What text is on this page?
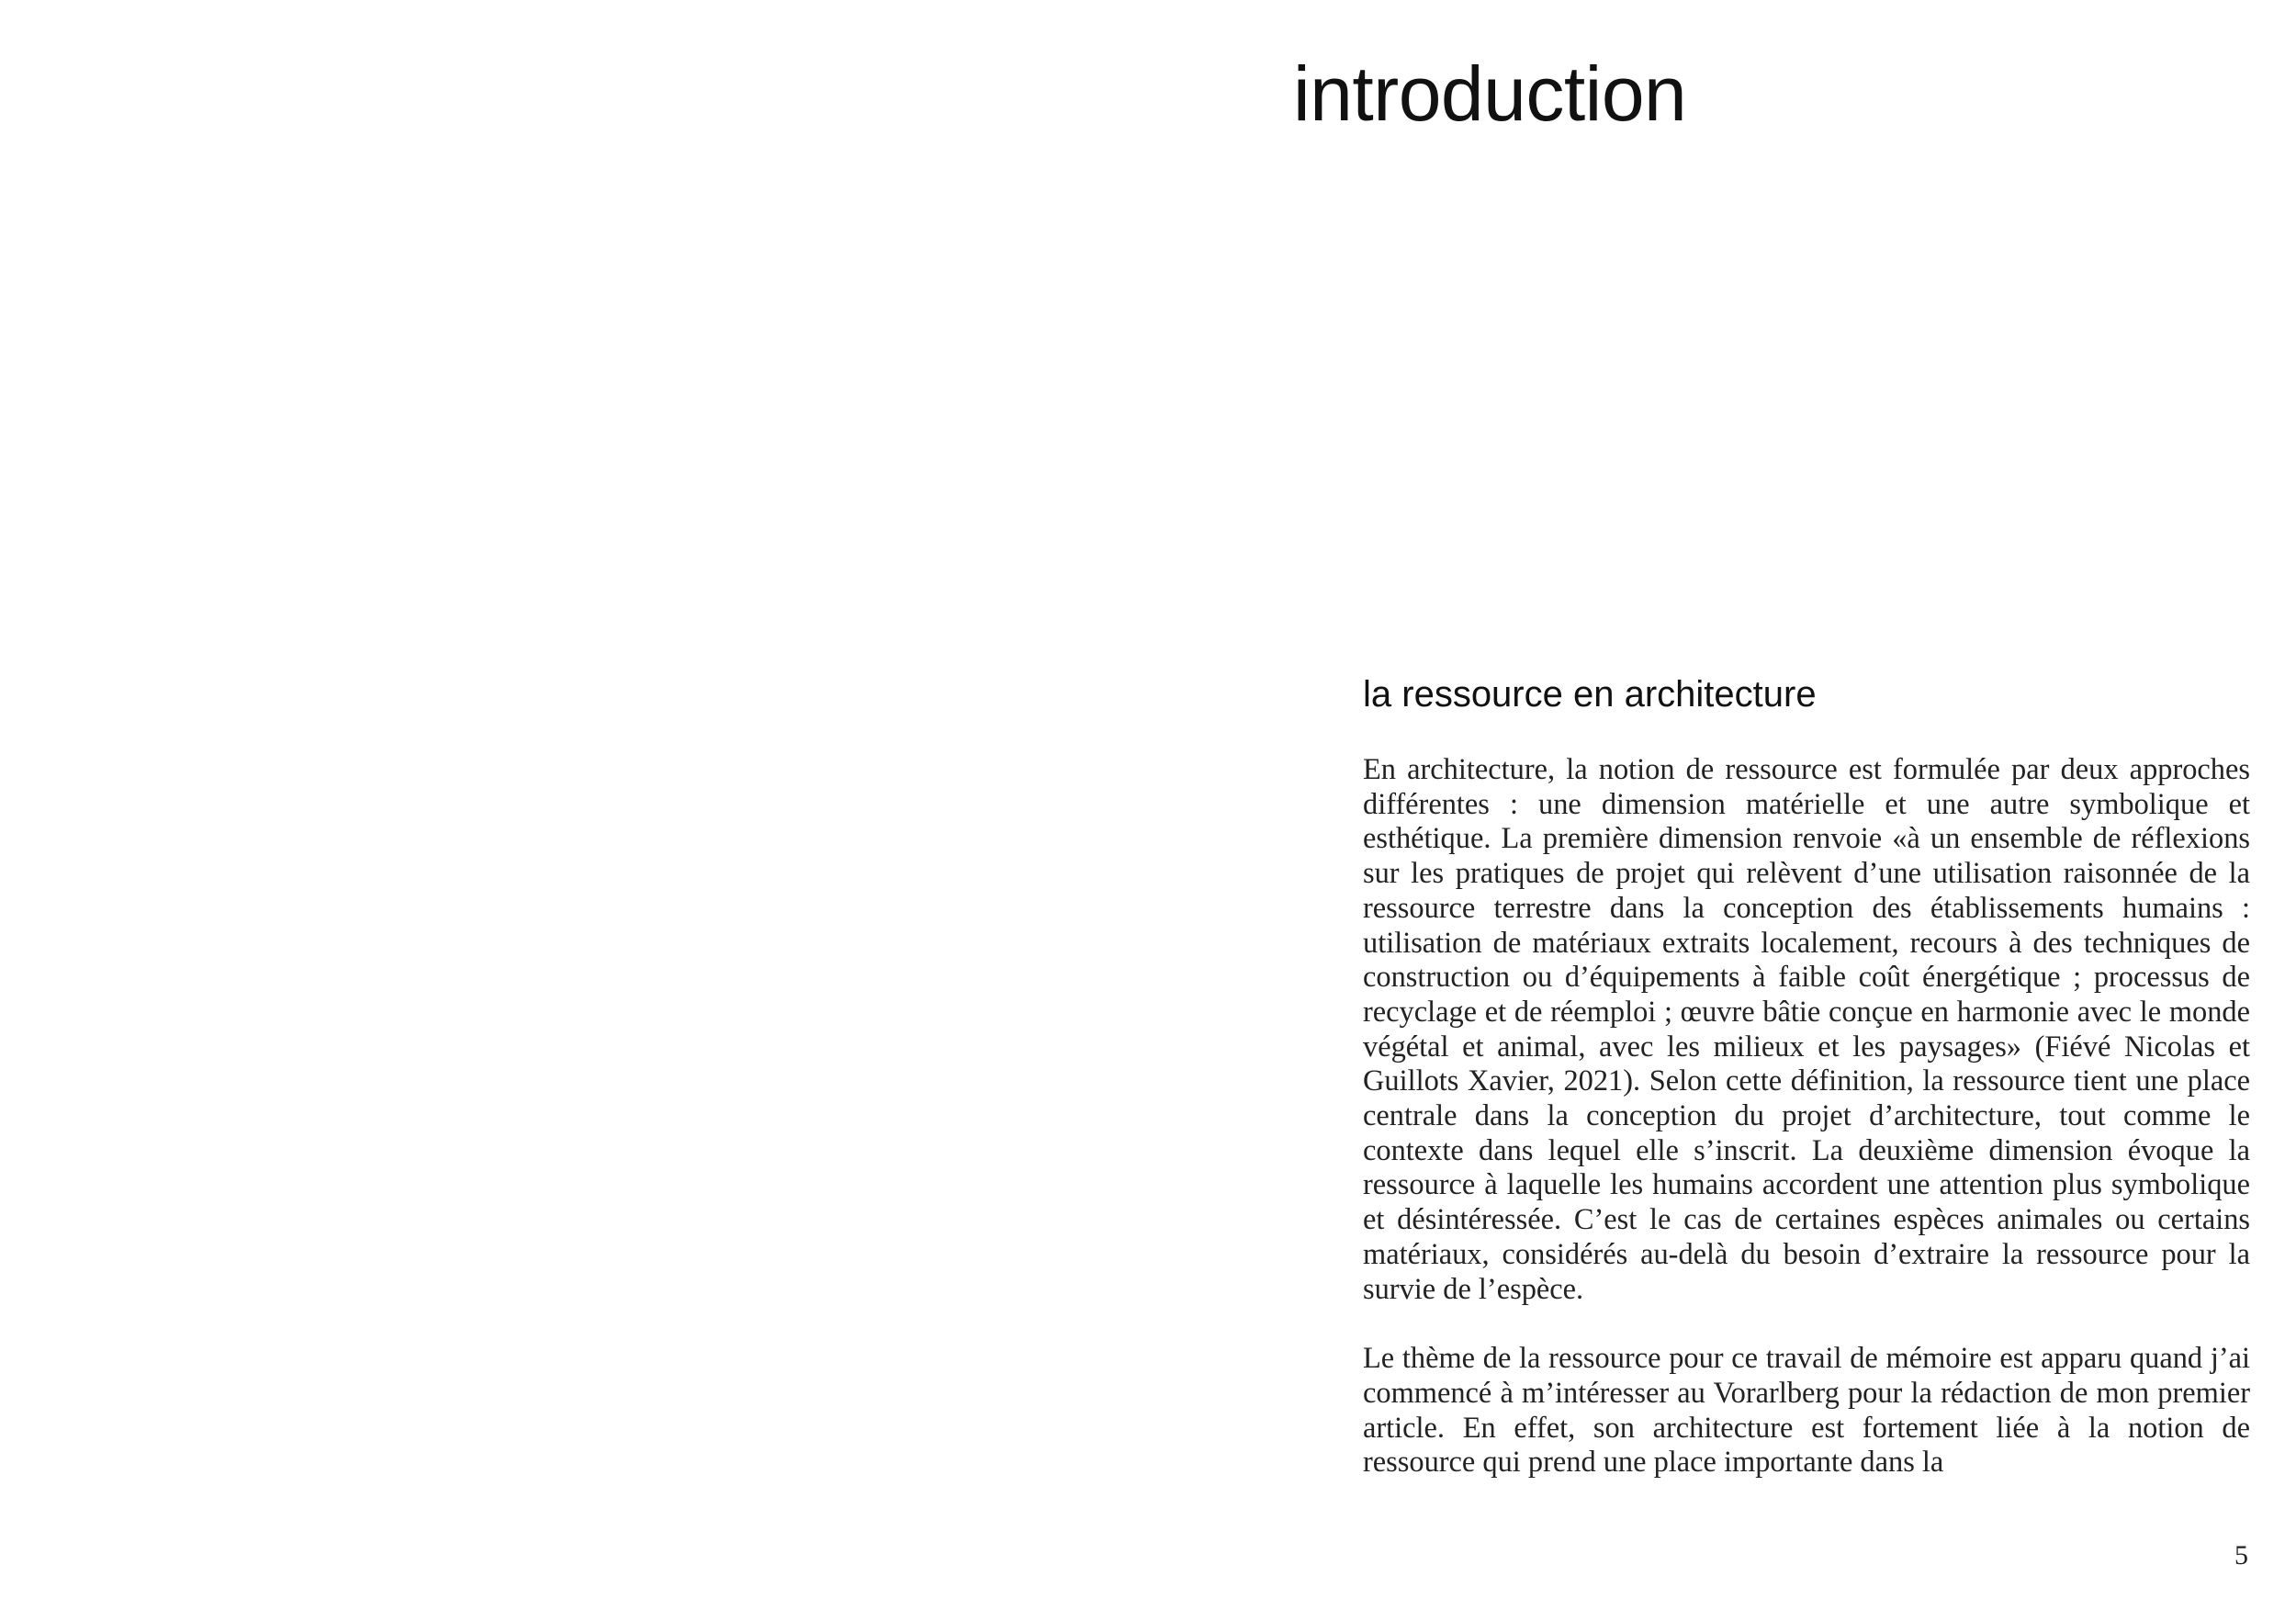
introduction
la ressource en architecture

En architecture, la notion de ressource est formulée par deux approches différentes : une dimension matérielle et une autre symbolique et esthétique. La première dimension renvoie «à un ensemble de réflexions sur les pratiques de projet qui relèvent d’une utilisation raisonnée de la ressource terrestre dans la conception des établissements humains : utilisation de matériaux extraits localement, recours à des techniques de construction ou d’équipements à faible coût énergétique ; processus de recyclage et de réemploi ; œuvre bâtie conçue en harmonie avec le monde végétal et animal, avec les milieux et les paysages» (Fiévé Nicolas et Guillots Xavier, 2021). Selon cette définition, la ressource tient une place centrale dans la conception du projet d’architecture, tout comme le contexte dans lequel elle s’inscrit. La deuxième dimension évoque la ressource à laquelle les humains accordent une attention plus symbolique et désintéressée. C’est le cas de certaines espèces animales ou certains matériaux, considérés au-delà du besoin d’extraire la ressource pour la survie de l’espèce.

Le thème de la ressource pour ce travail de mémoire est apparu quand j’ai commencé à m’intéresser au Vorarlberg pour la rédaction de mon premier article. En effet, son architecture est fortement liée à la notion de ressource qui prend une place importante dans la

5
